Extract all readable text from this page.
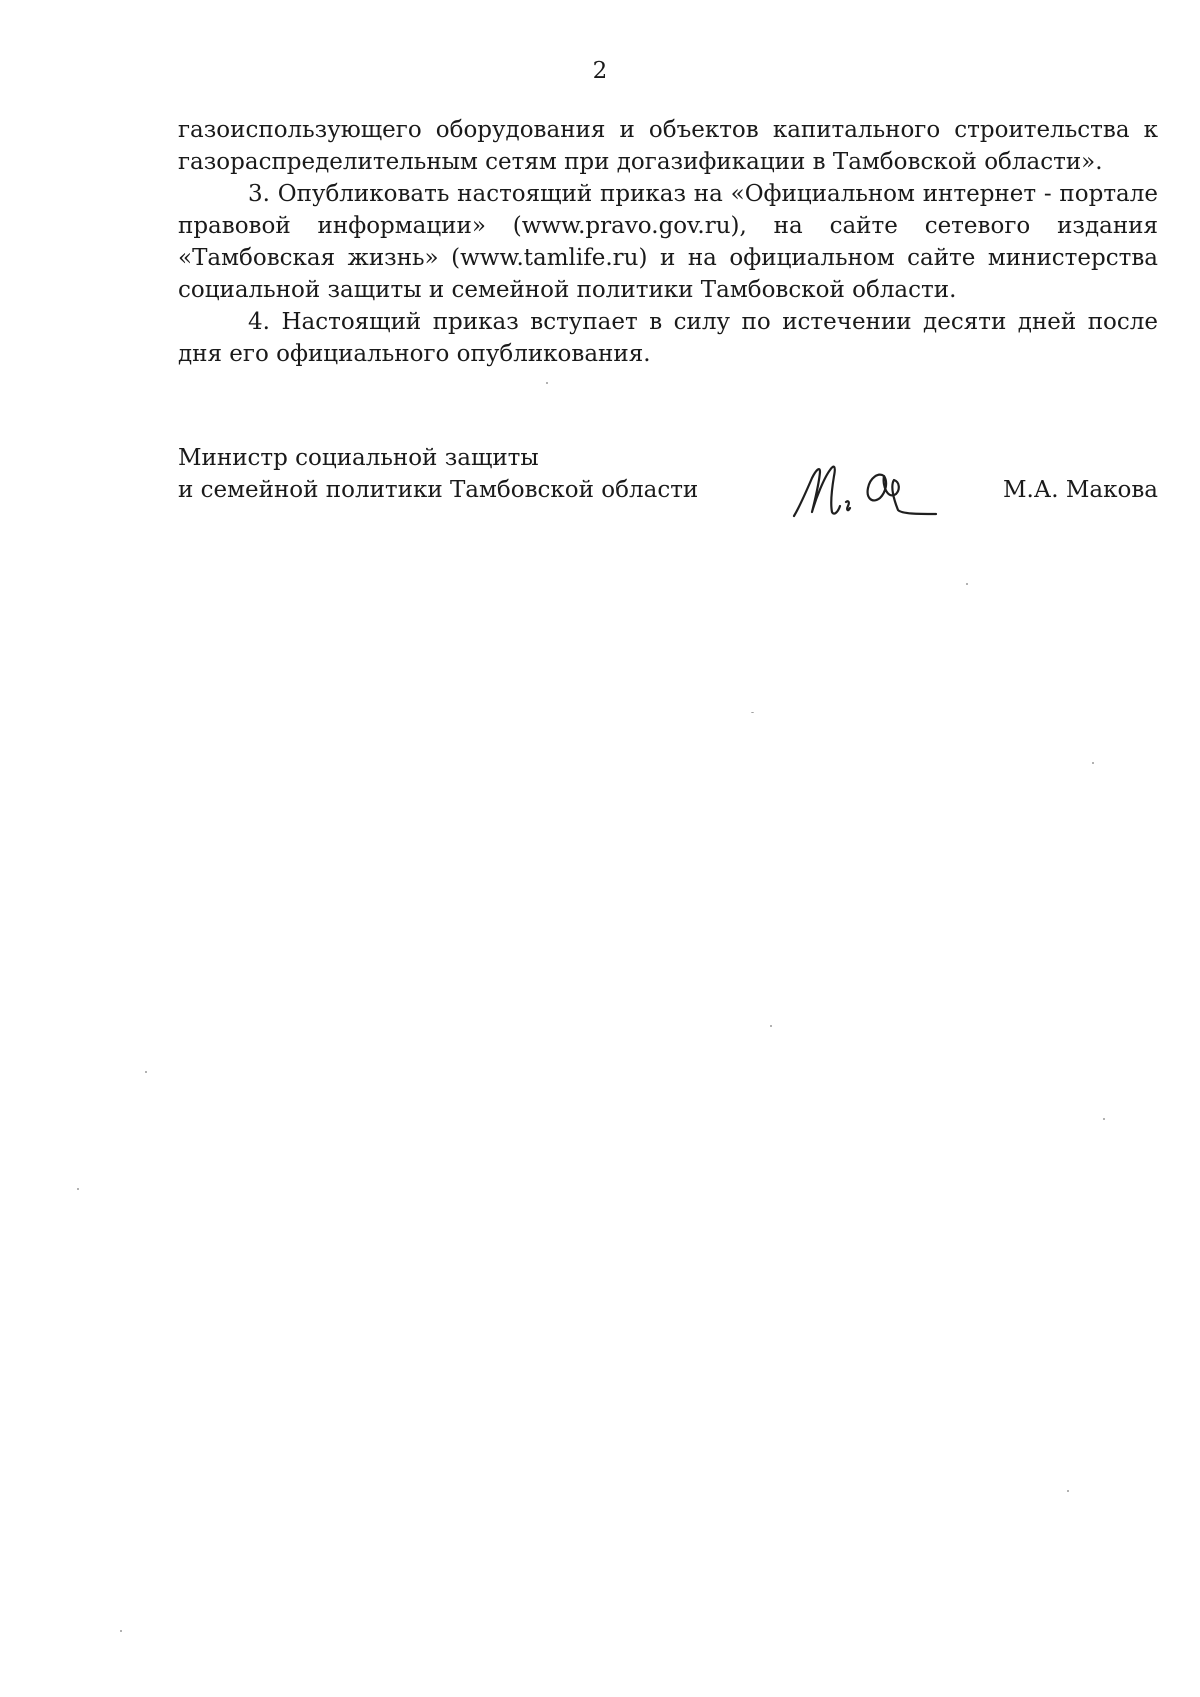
2

газоиспользующего оборудования и объектов капитального строительства к газораспределительным сетям при догазификации в Тамбовской области».

3. Опубликовать настоящий приказ на «Официальном интернет - портале правовой информации» (www.pravo.gov.ru), на сайте сетевого издания «Тамбовская жизнь» (www.tamlife.ru) и на официальном сайте министерства социальной защиты и семейной политики Тамбовской области.

4. Настоящий приказ вступает в силу по истечении десяти дней после дня его официального опубликования.

Министр социальной защиты
и семейной политики Тамбовской области	М.А. Макова
